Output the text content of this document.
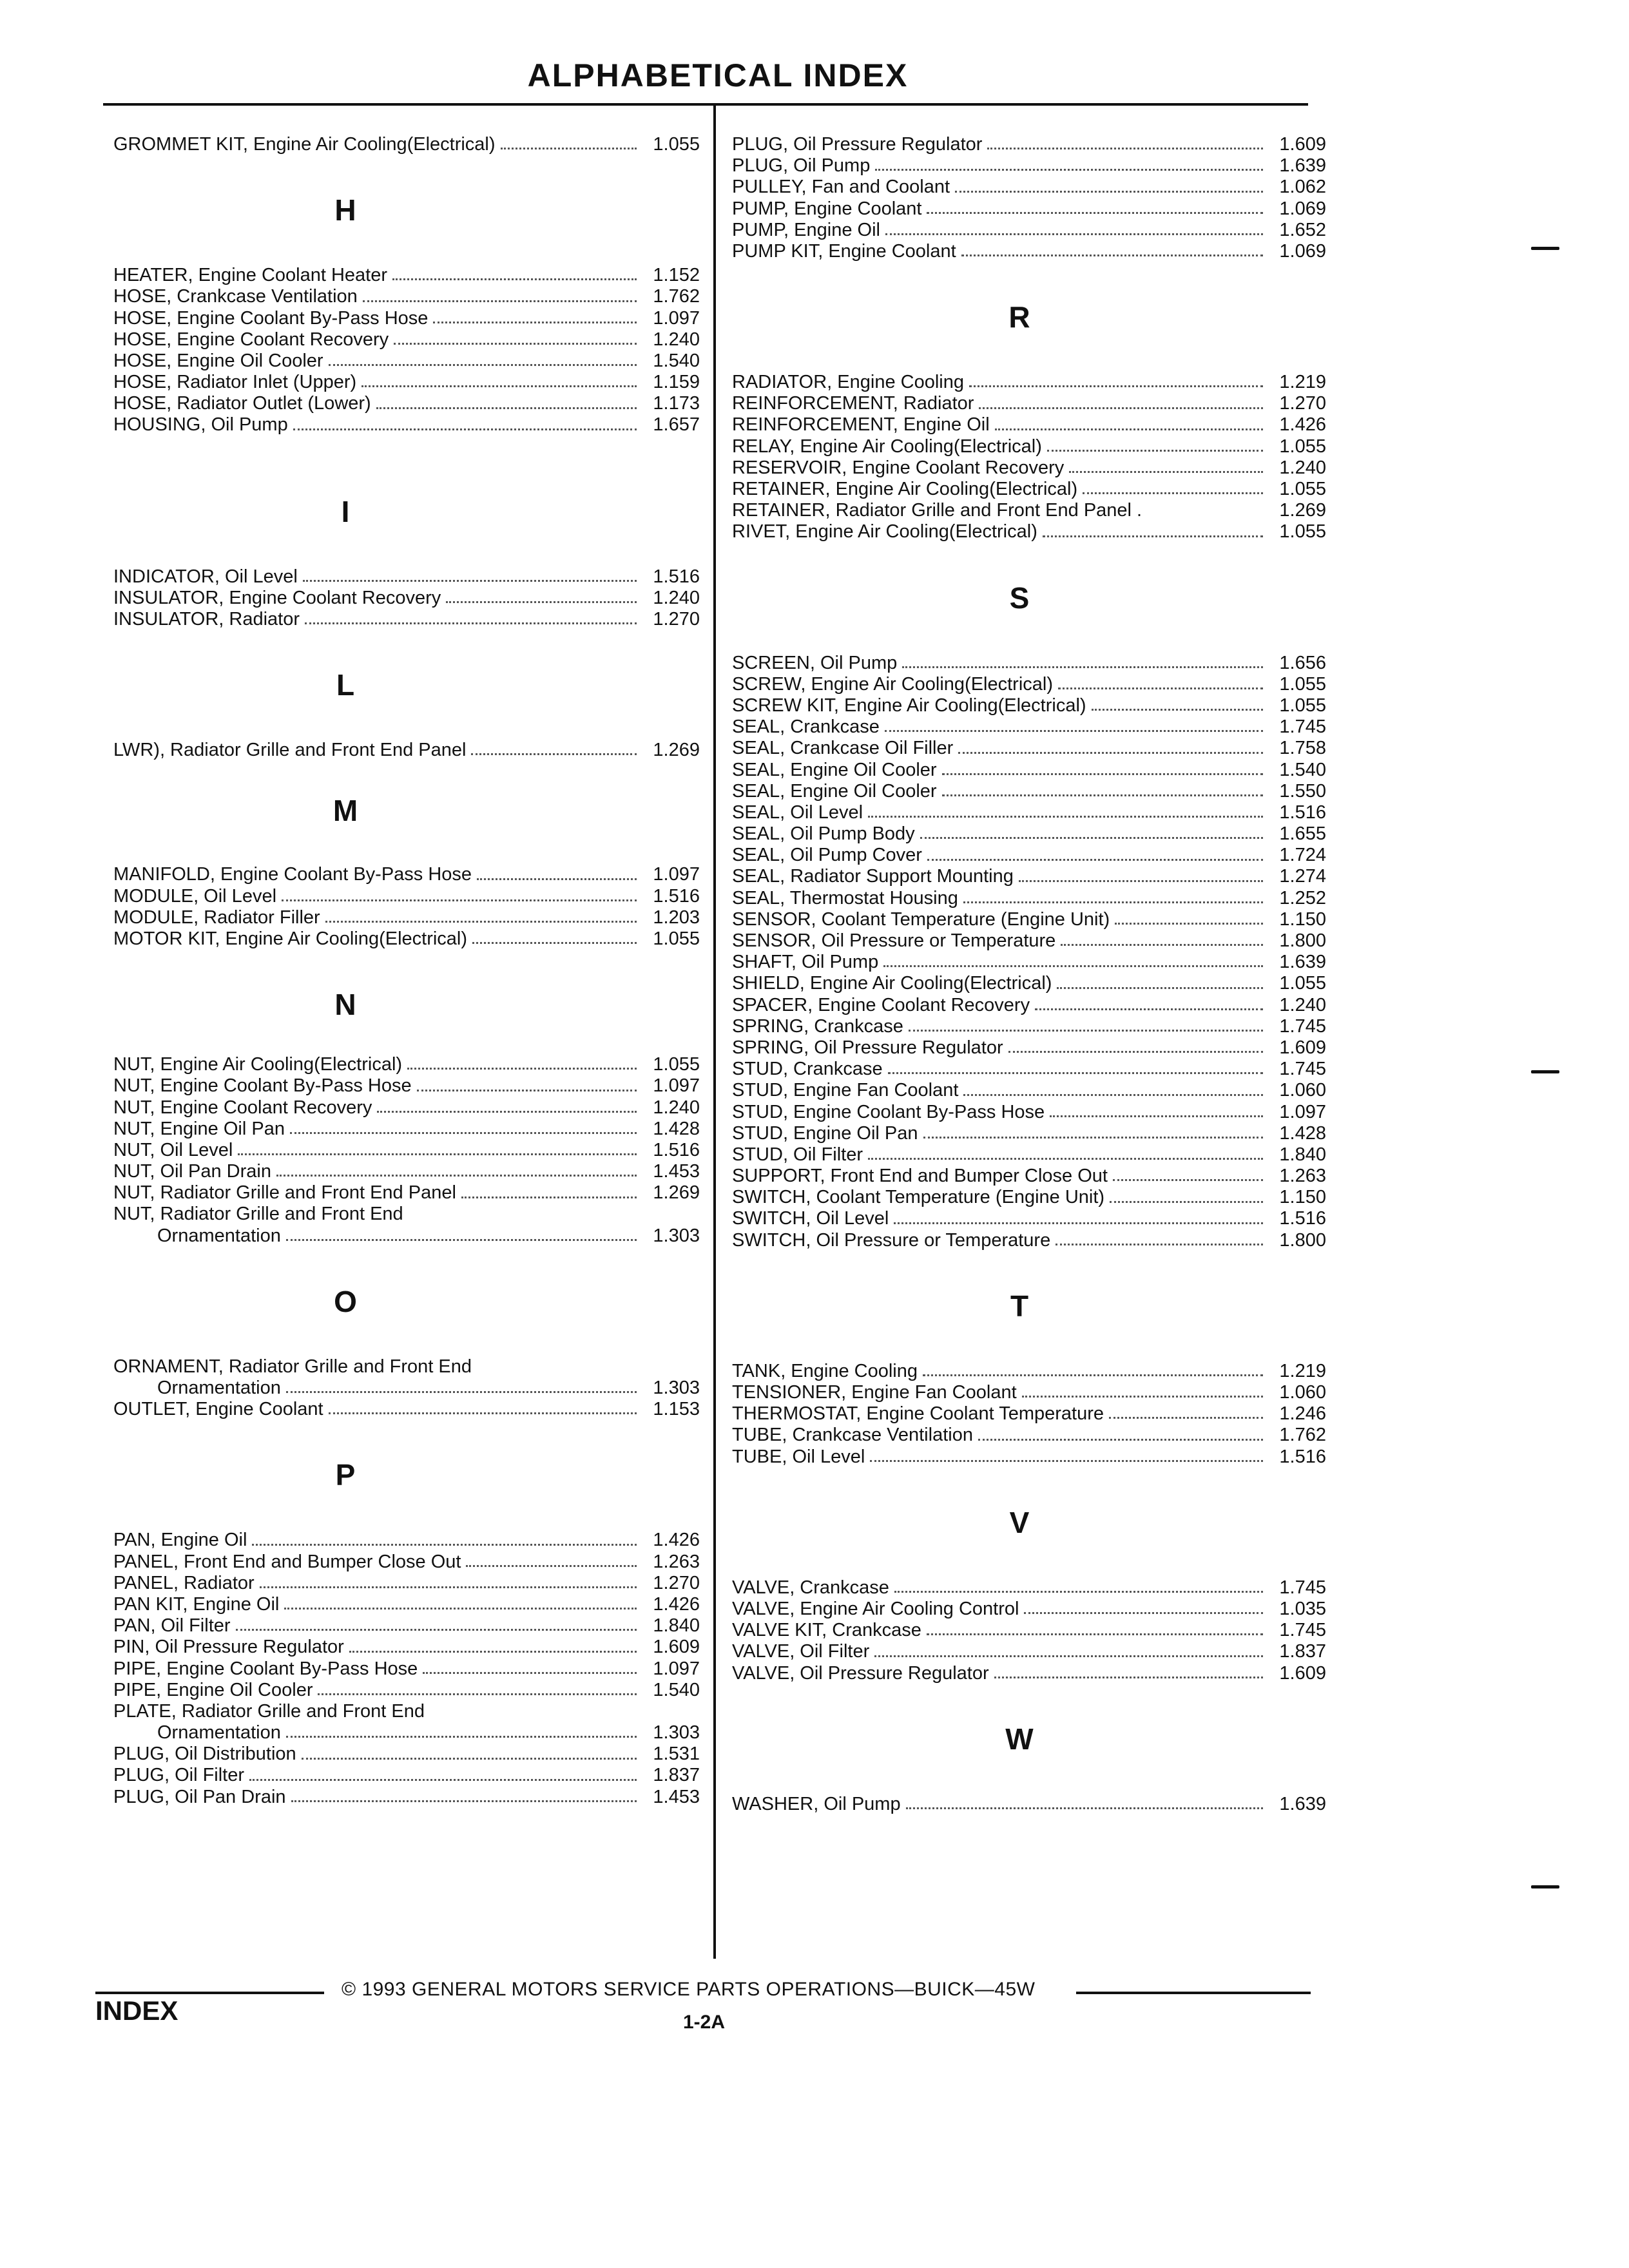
ALPHABETICAL INDEX
GROMMET KIT, Engine Air Cooling(Electrical)	1.055
H
HEATER, Engine Coolant Heater	1.152
HOSE, Crankcase Ventilation	1.762
HOSE, Engine Coolant By-Pass Hose	1.097
HOSE, Engine Coolant Recovery	1.240
HOSE, Engine Oil Cooler	1.540
HOSE, Radiator Inlet (Upper)	1.159
HOSE, Radiator Outlet (Lower)	1.173
HOUSING, Oil Pump	1.657
I
INDICATOR, Oil Level	1.516
INSULATOR, Engine Coolant Recovery	1.240
INSULATOR, Radiator	1.270
L
LWR), Radiator Grille and Front End Panel	1.269
M
MANIFOLD, Engine Coolant By-Pass Hose	1.097
MODULE, Oil Level	1.516
MODULE, Radiator Filler	1.203
MOTOR KIT, Engine Air Cooling(Electrical)	1.055
N
NUT, Engine Air Cooling(Electrical)	1.055
NUT, Engine Coolant By-Pass Hose	1.097
NUT, Engine Coolant Recovery	1.240
NUT, Engine Oil Pan	1.428
NUT, Oil Level	1.516
NUT, Oil Pan Drain	1.453
NUT, Radiator Grille and Front End Panel	1.269
NUT, Radiator Grille and Front End
Ornamentation	1.303
O
ORNAMENT, Radiator Grille and Front End
Ornamentation	1.303
OUTLET, Engine Coolant	1.153
P
PAN, Engine Oil	1.426
PANEL, Front End and Bumper Close Out	1.263
PANEL, Radiator	1.270
PAN KIT, Engine Oil	1.426
PAN, Oil Filter	1.840
PIN, Oil Pressure Regulator	1.609
PIPE, Engine Coolant By-Pass Hose	1.097
PIPE, Engine Oil Cooler	1.540
PLATE, Radiator Grille and Front End
Ornamentation	1.303
PLUG, Oil Distribution	1.531
PLUG, Oil Filter	1.837
PLUG, Oil Pan Drain	1.453
PLUG, Oil Pressure Regulator	1.609
PLUG, Oil Pump	1.639
PULLEY, Fan and Coolant	1.062
PUMP, Engine Coolant	1.069
PUMP, Engine Oil	1.652
PUMP KIT, Engine Coolant	1.069
R
RADIATOR, Engine Cooling	1.219
REINFORCEMENT, Radiator	1.270
REINFORCEMENT, Engine Oil	1.426
RELAY, Engine Air Cooling(Electrical)	1.055
RESERVOIR, Engine Coolant Recovery	1.240
RETAINER, Engine Air Cooling(Electrical)	1.055
RETAINER, Radiator Grille and Front End Panel .	1.269
RIVET, Engine Air Cooling(Electrical)	1.055
S
SCREEN, Oil Pump	1.656
SCREW, Engine Air Cooling(Electrical)	1.055
SCREW KIT, Engine Air Cooling(Electrical)	1.055
SEAL, Crankcase	1.745
SEAL, Crankcase Oil Filler	1.758
SEAL, Engine Oil Cooler	1.540
SEAL, Engine Oil Cooler	1.550
SEAL, Oil Level	1.516
SEAL, Oil Pump Body	1.655
SEAL, Oil Pump Cover	1.724
SEAL, Radiator Support Mounting	1.274
SEAL, Thermostat Housing	1.252
SENSOR, Coolant Temperature (Engine Unit)	1.150
SENSOR, Oil Pressure or Temperature	1.800
SHAFT, Oil Pump	1.639
SHIELD, Engine Air Cooling(Electrical)	1.055
SPACER, Engine Coolant Recovery	1.240
SPRING, Crankcase	1.745
SPRING, Oil Pressure Regulator	1.609
STUD, Crankcase	1.745
STUD, Engine Fan Coolant	1.060
STUD, Engine Coolant By-Pass Hose	1.097
STUD, Engine Oil Pan	1.428
STUD, Oil Filter	1.840
SUPPORT, Front End and Bumper Close Out	1.263
SWITCH, Coolant Temperature (Engine Unit)	1.150
SWITCH, Oil Level	1.516
SWITCH, Oil Pressure or Temperature	1.800
T
TANK, Engine Cooling	1.219
TENSIONER, Engine Fan Coolant	1.060
THERMOSTAT, Engine Coolant Temperature	1.246
TUBE, Crankcase Ventilation	1.762
TUBE, Oil Level	1.516
V
VALVE, Crankcase	1.745
VALVE, Engine Air Cooling Control	1.035
VALVE KIT, Crankcase	1.745
VALVE, Oil Filter	1.837
VALVE, Oil Pressure Regulator	1.609
W
WASHER, Oil Pump	1.639
© 1993 GENERAL MOTORS SERVICE PARTS OPERATIONS—BUICK—45W
INDEX	1-2A
